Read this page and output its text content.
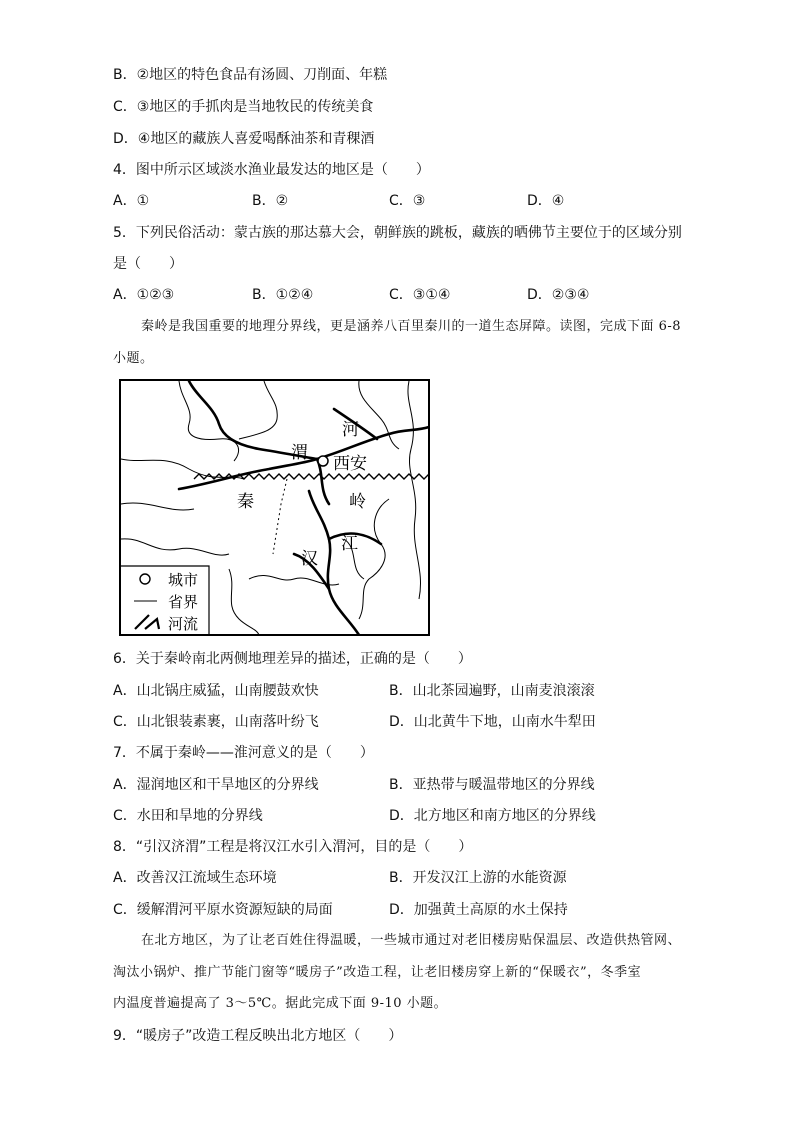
B．②地区的特色食品有汤圆、刀削面、年糕
C．③地区的手抓肉是当地牧民的传统美食
D．④地区的藏族人喜爱喝酥油茶和青稞酒
4．图中所示区域淡水渔业最发达的地区是（　　）
A．①	B．②	C．③	D．④
5．下列民俗活动：蒙古族的那达慕大会，朝鲜族的跳板，藏族的晒佛节主要位于的区域分别
是（　　）
A．①②③	B．①②④	C．③①④	D．②③④
秦岭是我国重要的地理分界线，更是涵养八百里秦川的一道生态屏障。读图，完成下面 6-8
小题。
渭
河
西安
秦	岭
汉
江
城市
省界
河流
6．关于秦岭南北两侧地理差异的描述，正确的是（　　）
A．山北锅庄威猛，山南腰鼓欢快	B．山北茶园遍野，山南麦浪滚滚
C．山北银装素裹，山南落叶纷飞	D．山北黄牛下地，山南水牛犁田
7．不属于秦岭——淮河意义的是（　　）
A．湿润地区和干旱地区的分界线	B．亚热带与暖温带地区的分界线
C．水田和旱地的分界线	D．北方地区和南方地区的分界线
8．“引汉济渭”工程是将汉江水引入渭河，目的是（　　）
A．改善汉江流域生态环境	B．开发汉江上游的水能资源
C．缓解渭河平原水资源短缺的局面	D．加强黄土高原的水土保持
在北方地区，为了让老百姓住得温暖，一些城市通过对老旧楼房贴保温层、改造供热管网、
淘汰小锅炉、推广节能门窗等“暖房子”改造工程，让老旧楼房穿上新的“保暖衣”，冬季室
内温度普遍提高了 3～5℃。据此完成下面 9-10 小题。
9．“暖房子”改造工程反映出北方地区（　　）
